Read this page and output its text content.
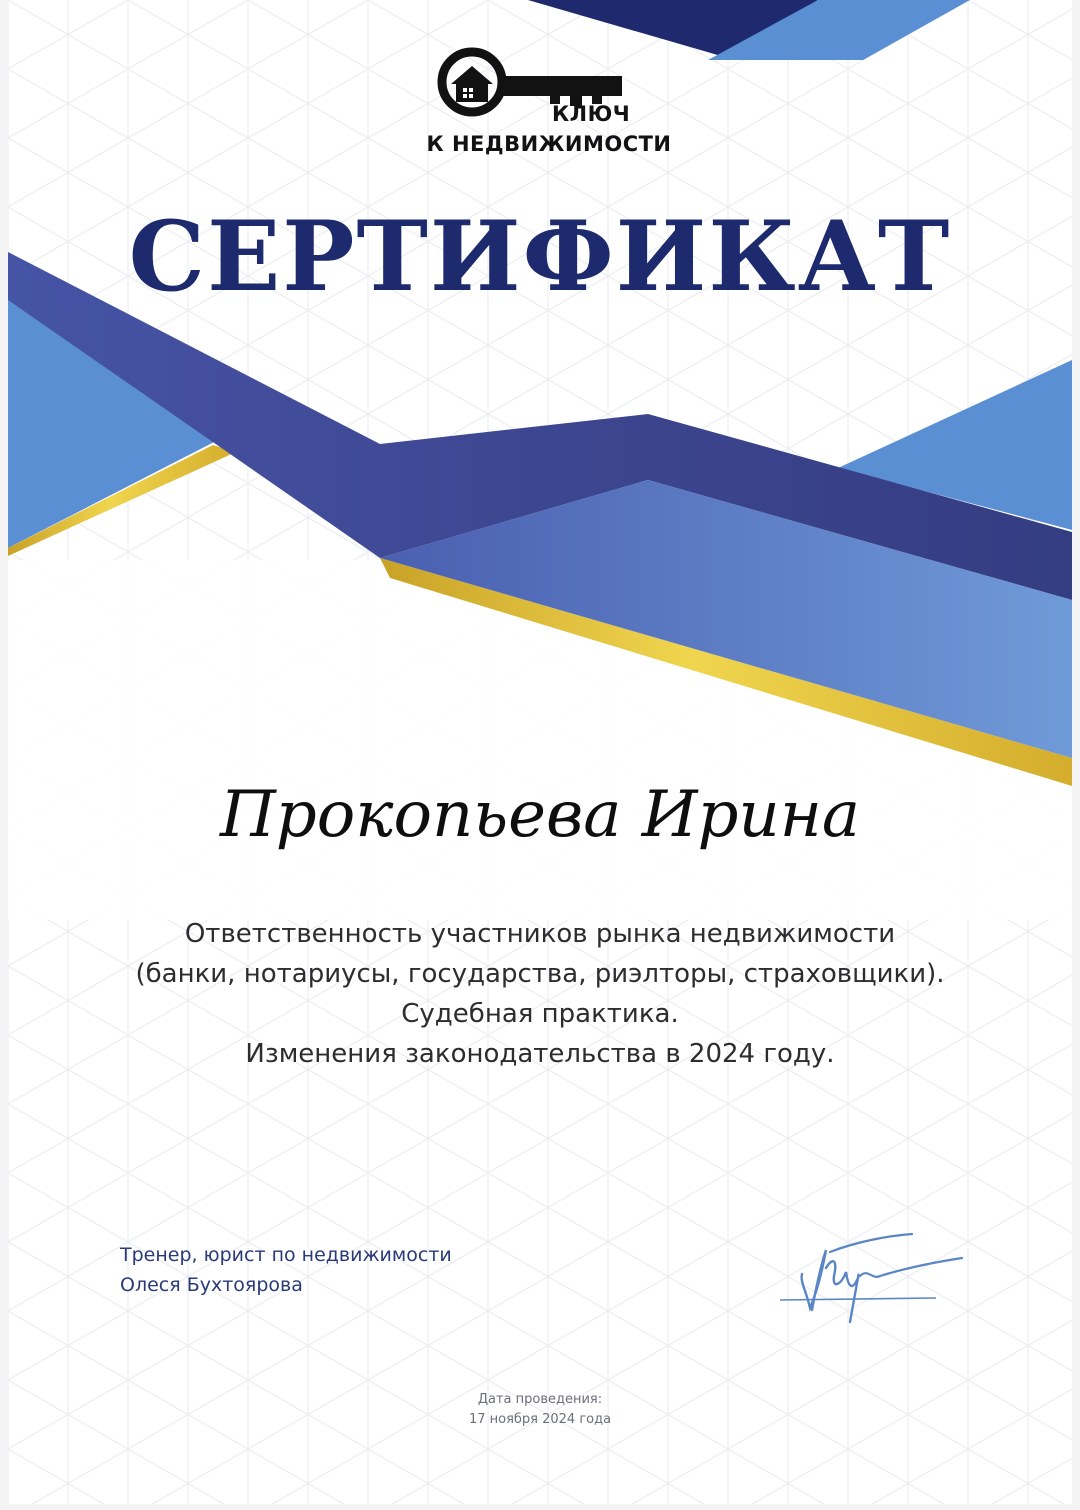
КЛЮЧ
К НЕДВИЖИМОСТИ
СЕРТИФИКАТ
Прокопьева Ирина
Ответственность участников рынка недвижимости
(банки, нотариусы, государства, риэлторы, страховщики).
Судебная практика.
Изменения законодательства в 2024 году.
Тренер, юрист по недвижимости
Олеся Бухтоярова
Дата проведения:
17 ноября 2024 года
